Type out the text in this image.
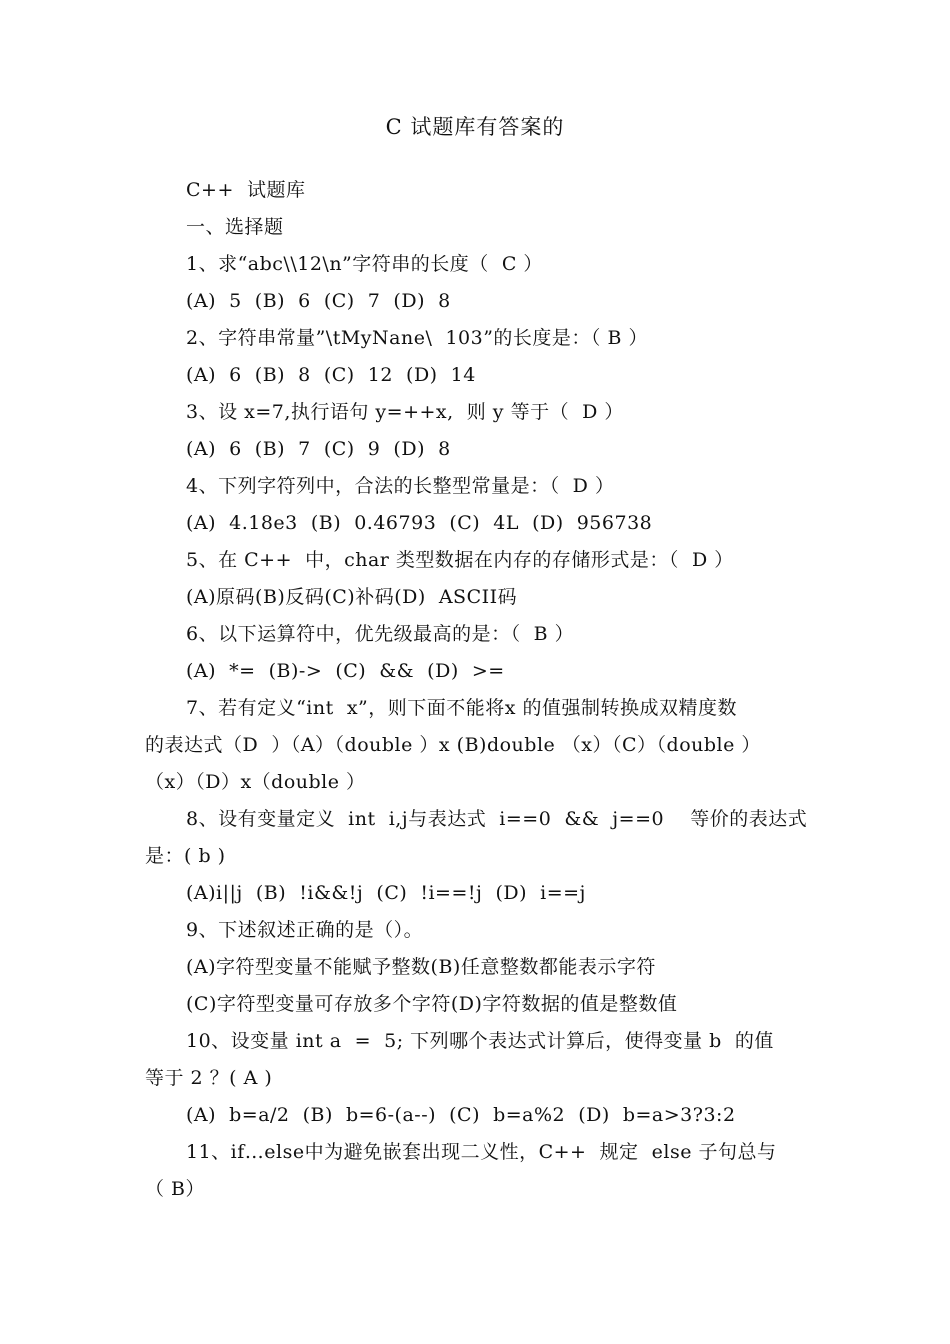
C 试题库有答案的
C++  试题库
一、选择题
1、求“abc\\12\n”字符串的长度（  C ）
(A)  5  (B)  6  (C)  7  (D)  8
2、字符串常量”\tMyNane\  103”的长度是：（ B ）
(A)  6  (B)  8  (C)  12  (D)  14
3、设 x=7,执行语句 y=++x,  则 y 等于（  D ）
(A)  6  (B)  7  (C)  9  (D)  8
4、下列字符列中，合法的长整型常量是：（  D ）
(A)  4.18e3  (B)  0.46793  (C)  4L  (D)  956738
5、在 C++  中，char 类型数据在内存的存储形式是：（  D ）
(A)原码(B)反码(C)补码(D)  ASCII码
6、以下运算符中，优先级最高的是：（  B ）
(A)  *=  (B)->  (C)  &&  (D)  >=
7、若有定义“int  x”，则下面不能将x 的值强制转换成双精度数
的表达式（D  ）（A）（double ）x (B)double （x）（C）（double ）
（x）（D）x（double ）
8、设有变量定义  int  i,j与表达式  i==0  &&  j==0    等价的表达式
是：( b )
(A)i||j  (B)  !i&&!j  (C)  !i==!j  (D)  i==j
9、下述叙述正确的是（）。
(A)字符型变量不能赋予整数(B)任意整数都能表示字符
(C)字符型变量可存放多个字符(D)字符数据的值是整数值
10、设变量 int a  =  5; 下列哪个表达式计算后，使得变量 b  的值
等于 2 ？( A )
(A)  b=a/2  (B)  b=6-(a--)  (C)  b=a%2  (D)  b=a>3?3:2
11、if…else中为避免嵌套出现二义性，C++  规定  else 子句总与
（ B）
